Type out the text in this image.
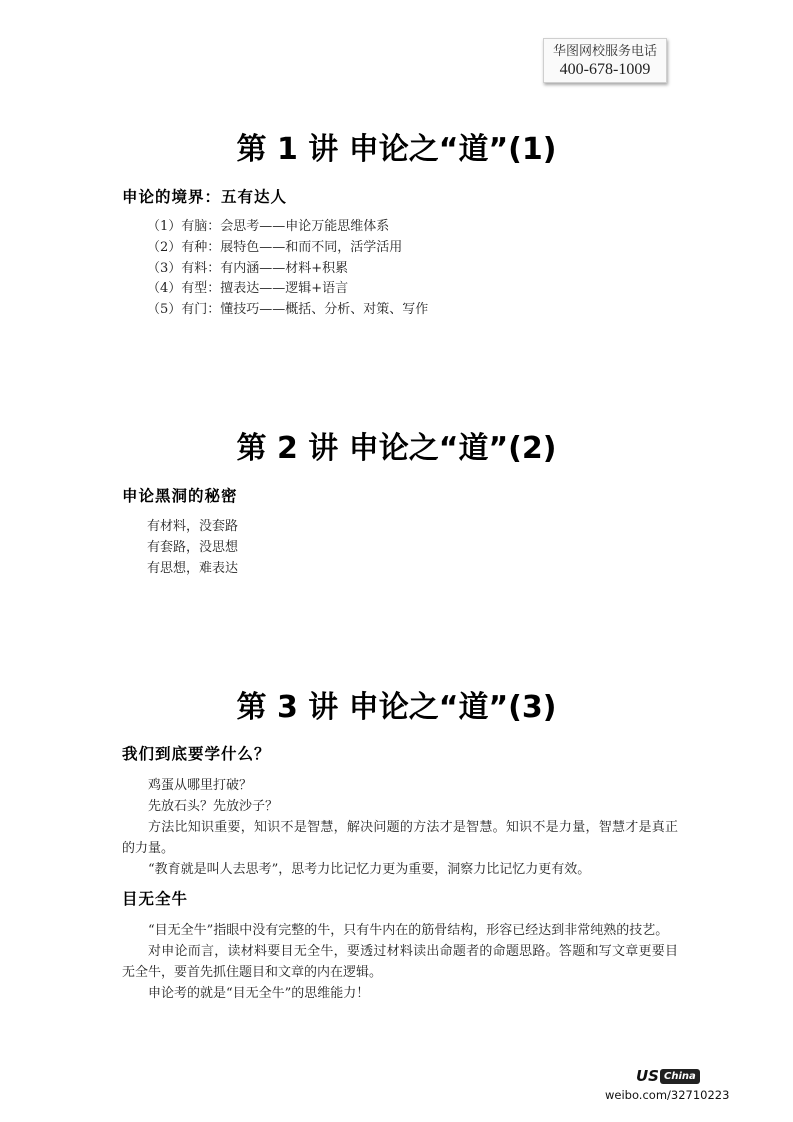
华图网校服务电话
400-678-1009
第 1 讲 申论之“道”(1)
申论的境界：五有达人
（1）有脑：会思考——申论万能思维体系
（2）有种：展特色——和而不同，活学活用
（3）有料：有内涵——材料+积累
（4）有型：擅表达——逻辑+语言
（5）有门：懂技巧——概括、分析、对策、写作
第 2 讲 申论之“道”(2)
申论黑洞的秘密
有材料，没套路
有套路，没思想
有思想，难表达
第 3 讲 申论之“道”(3)
我们到底要学什么？

鸡蛋从哪里打破？

先放石头？先放沙子？

方法比知识重要，知识不是智慧，解决问题的方法才是智慧。知识不是力量，智慧才是真正的力量。

“教育就是叫人去思考”，思考力比记忆力更为重要，洞察力比记忆力更有效。

目无全牛

“目无全牛”指眼中没有完整的牛，只有牛内在的筋骨结构，形容已经达到非常纯熟的技艺。

对申论而言，读材料要目无全牛，要透过材料读出命题者的命题思路。答题和写文章更要目无全牛，要首先抓住题目和文章的内在逻辑。

申论考的就是“目无全牛”的思维能力！

US China
weibo.com/32710223
